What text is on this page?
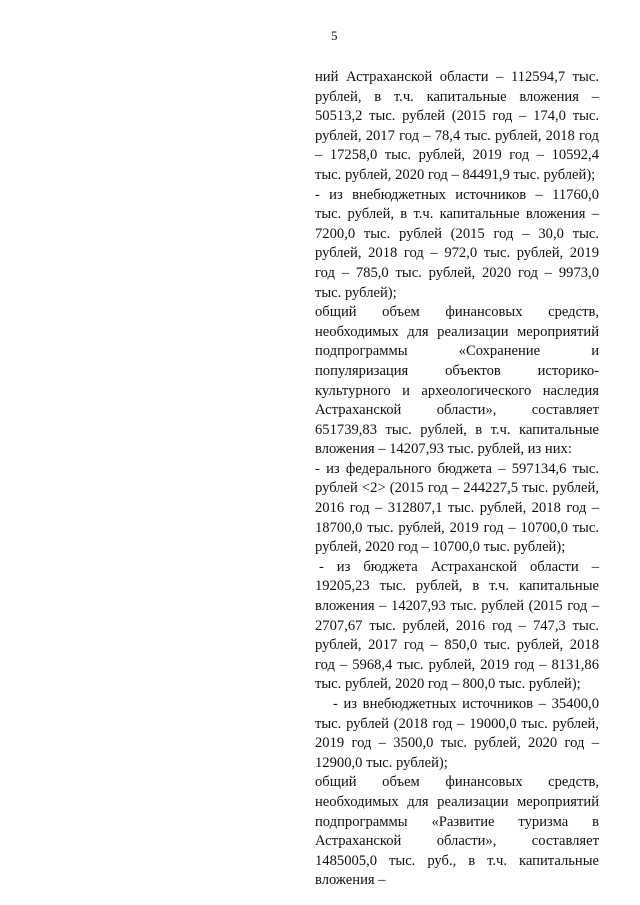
5

ний Астраханской области – 112594,7 тыс. рублей, в т.ч. капитальные вложения – 50513,2 тыс. рублей (2015 год – 174,0 тыс. рублей, 2017 год – 78,4 тыс. рублей, 2018 год – 17258,0 тыс. рублей, 2019 год – 10592,4 тыс. рублей, 2020 год – 84491,9 тыс. рублей);

- из внебюджетных источников – 11760,0 тыс. рублей, в т.ч. капитальные вложения – 7200,0 тыс. рублей (2015 год – 30,0 тыс. рублей, 2018 год – 972,0 тыс. рублей, 2019 год – 785,0 тыс. рублей, 2020 год – 9973,0 тыс. рублей);

общий объем финансовых средств, необходимых для реализации мероприятий подпрограммы «Сохранение и популяризация объектов историко-культурного и археологического наследия Астраханской области», составляет 651739,83 тыс. рублей, в т.ч. капитальные вложения – 14207,93 тыс. рублей, из них:

- из федерального бюджета – 597134,6 тыс. рублей <2> (2015 год – 244227,5 тыс. рублей, 2016 год – 312807,1 тыс. рублей, 2018 год – 18700,0 тыс. рублей, 2019 год – 10700,0 тыс. рублей, 2020 год – 10700,0 тыс. рублей);

- из бюджета Астраханской области – 19205,23 тыс. рублей, в т.ч. капитальные вложения – 14207,93 тыс. рублей (2015 год – 2707,67 тыс. рублей, 2016 год – 747,3 тыс. рублей, 2017 год – 850,0 тыс. рублей, 2018 год – 5968,4 тыс. рублей, 2019 год – 8131,86 тыс. рублей, 2020 год – 800,0 тыс. рублей);

- из внебюджетных источников – 35400,0 тыс. рублей (2018 год – 19000,0 тыс. рублей, 2019 год – 3500,0 тыс. рублей, 2020 год – 12900,0 тыс. рублей);

общий объем финансовых средств, необходимых для реализации мероприятий подпрограммы «Развитие туризма в Астраханской области», составляет 1485005,0 тыс. руб., в т.ч. капитальные вложения –
